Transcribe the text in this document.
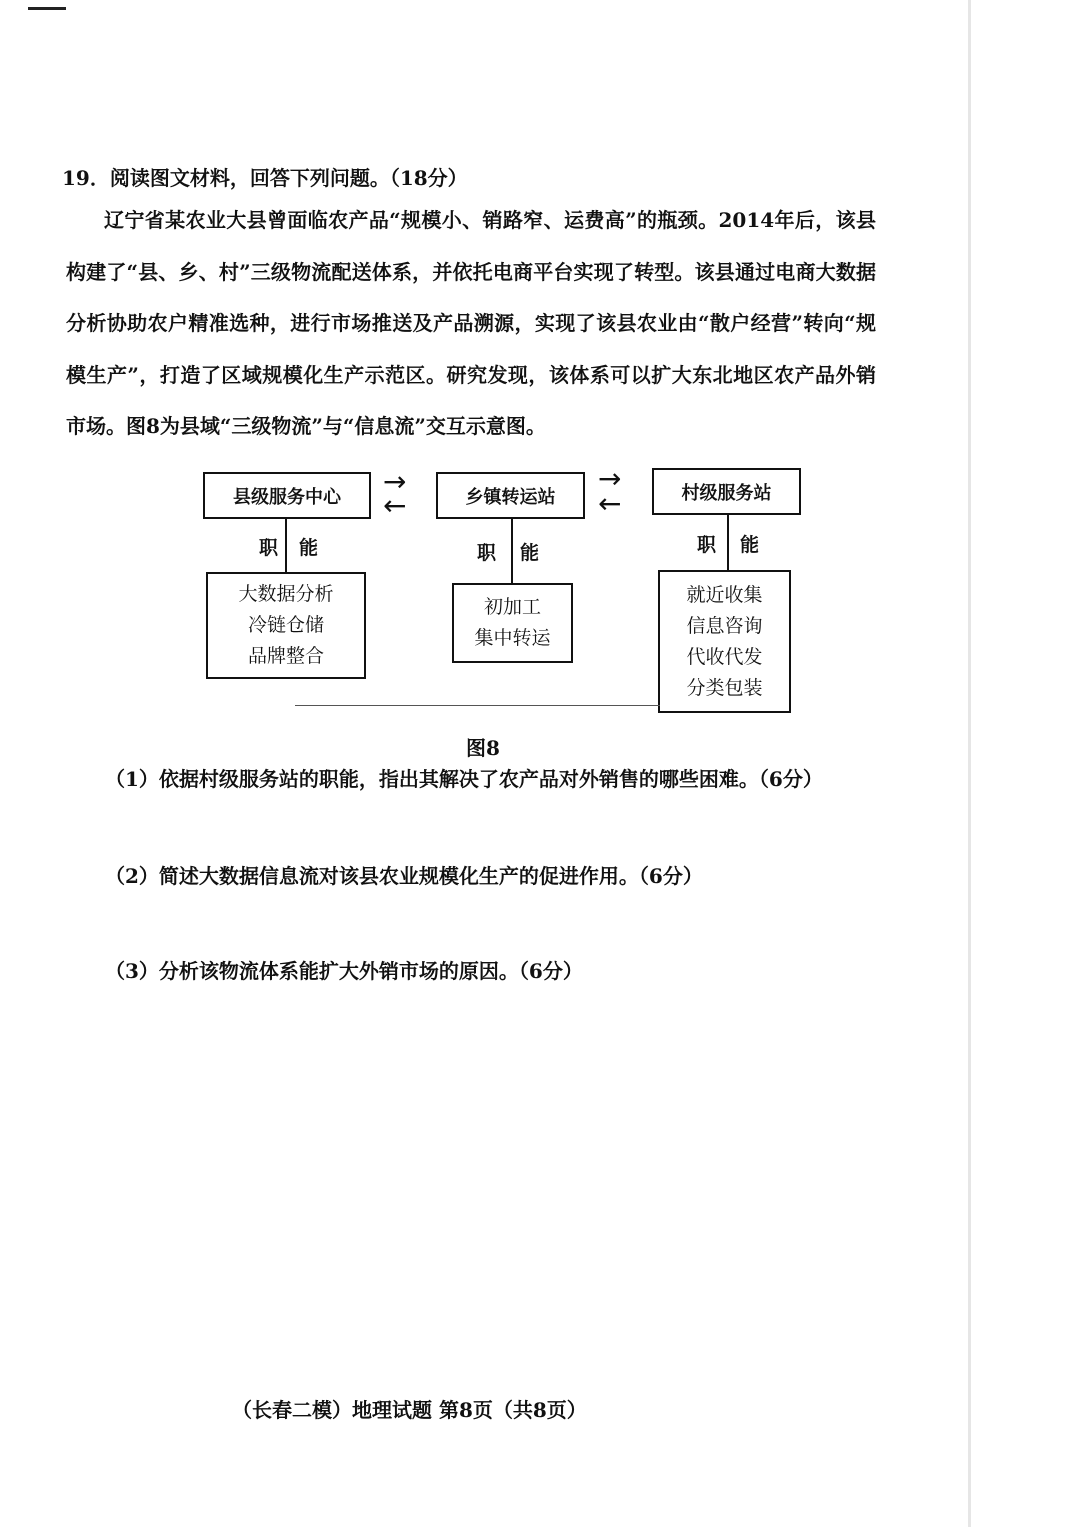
19．阅读图文材料，回答下列问题。（18分）
辽宁省某农业大县曾面临农产品“规模小、销路窄、运费高”的瓶颈。2014年后，该县构建了“县、乡、村”三级物流配送体系，并依托电商平台实现了转型。该县通过电商大数据分析协助农户精准选种，进行市场推送及产品溯源，实现了该县农业由“散户经营”转向“规模生产”，打造了区域规模化生产示范区。研究发现，该体系可以扩大东北地区农产品外销市场。图8为县域“三级物流”与“信息流”交互示意图。
县级服务中心	乡镇转运站	村级服务站
→
←
→
←
职 能	职 能	职 能
大数据分析
冷链仓储
品牌整合
初加工
集中转运
就近收集
信息咨询
代收代发
分类包装
图8
（1）依据村级服务站的职能，指出其解决了农产品对外销售的哪些困难。（6分）
（2）简述大数据信息流对该县农业规模化生产的促进作用。（6分）
（3）分析该物流体系能扩大外销市场的原因。（6分）
（长春二模）地理试题 第8页（共8页）
